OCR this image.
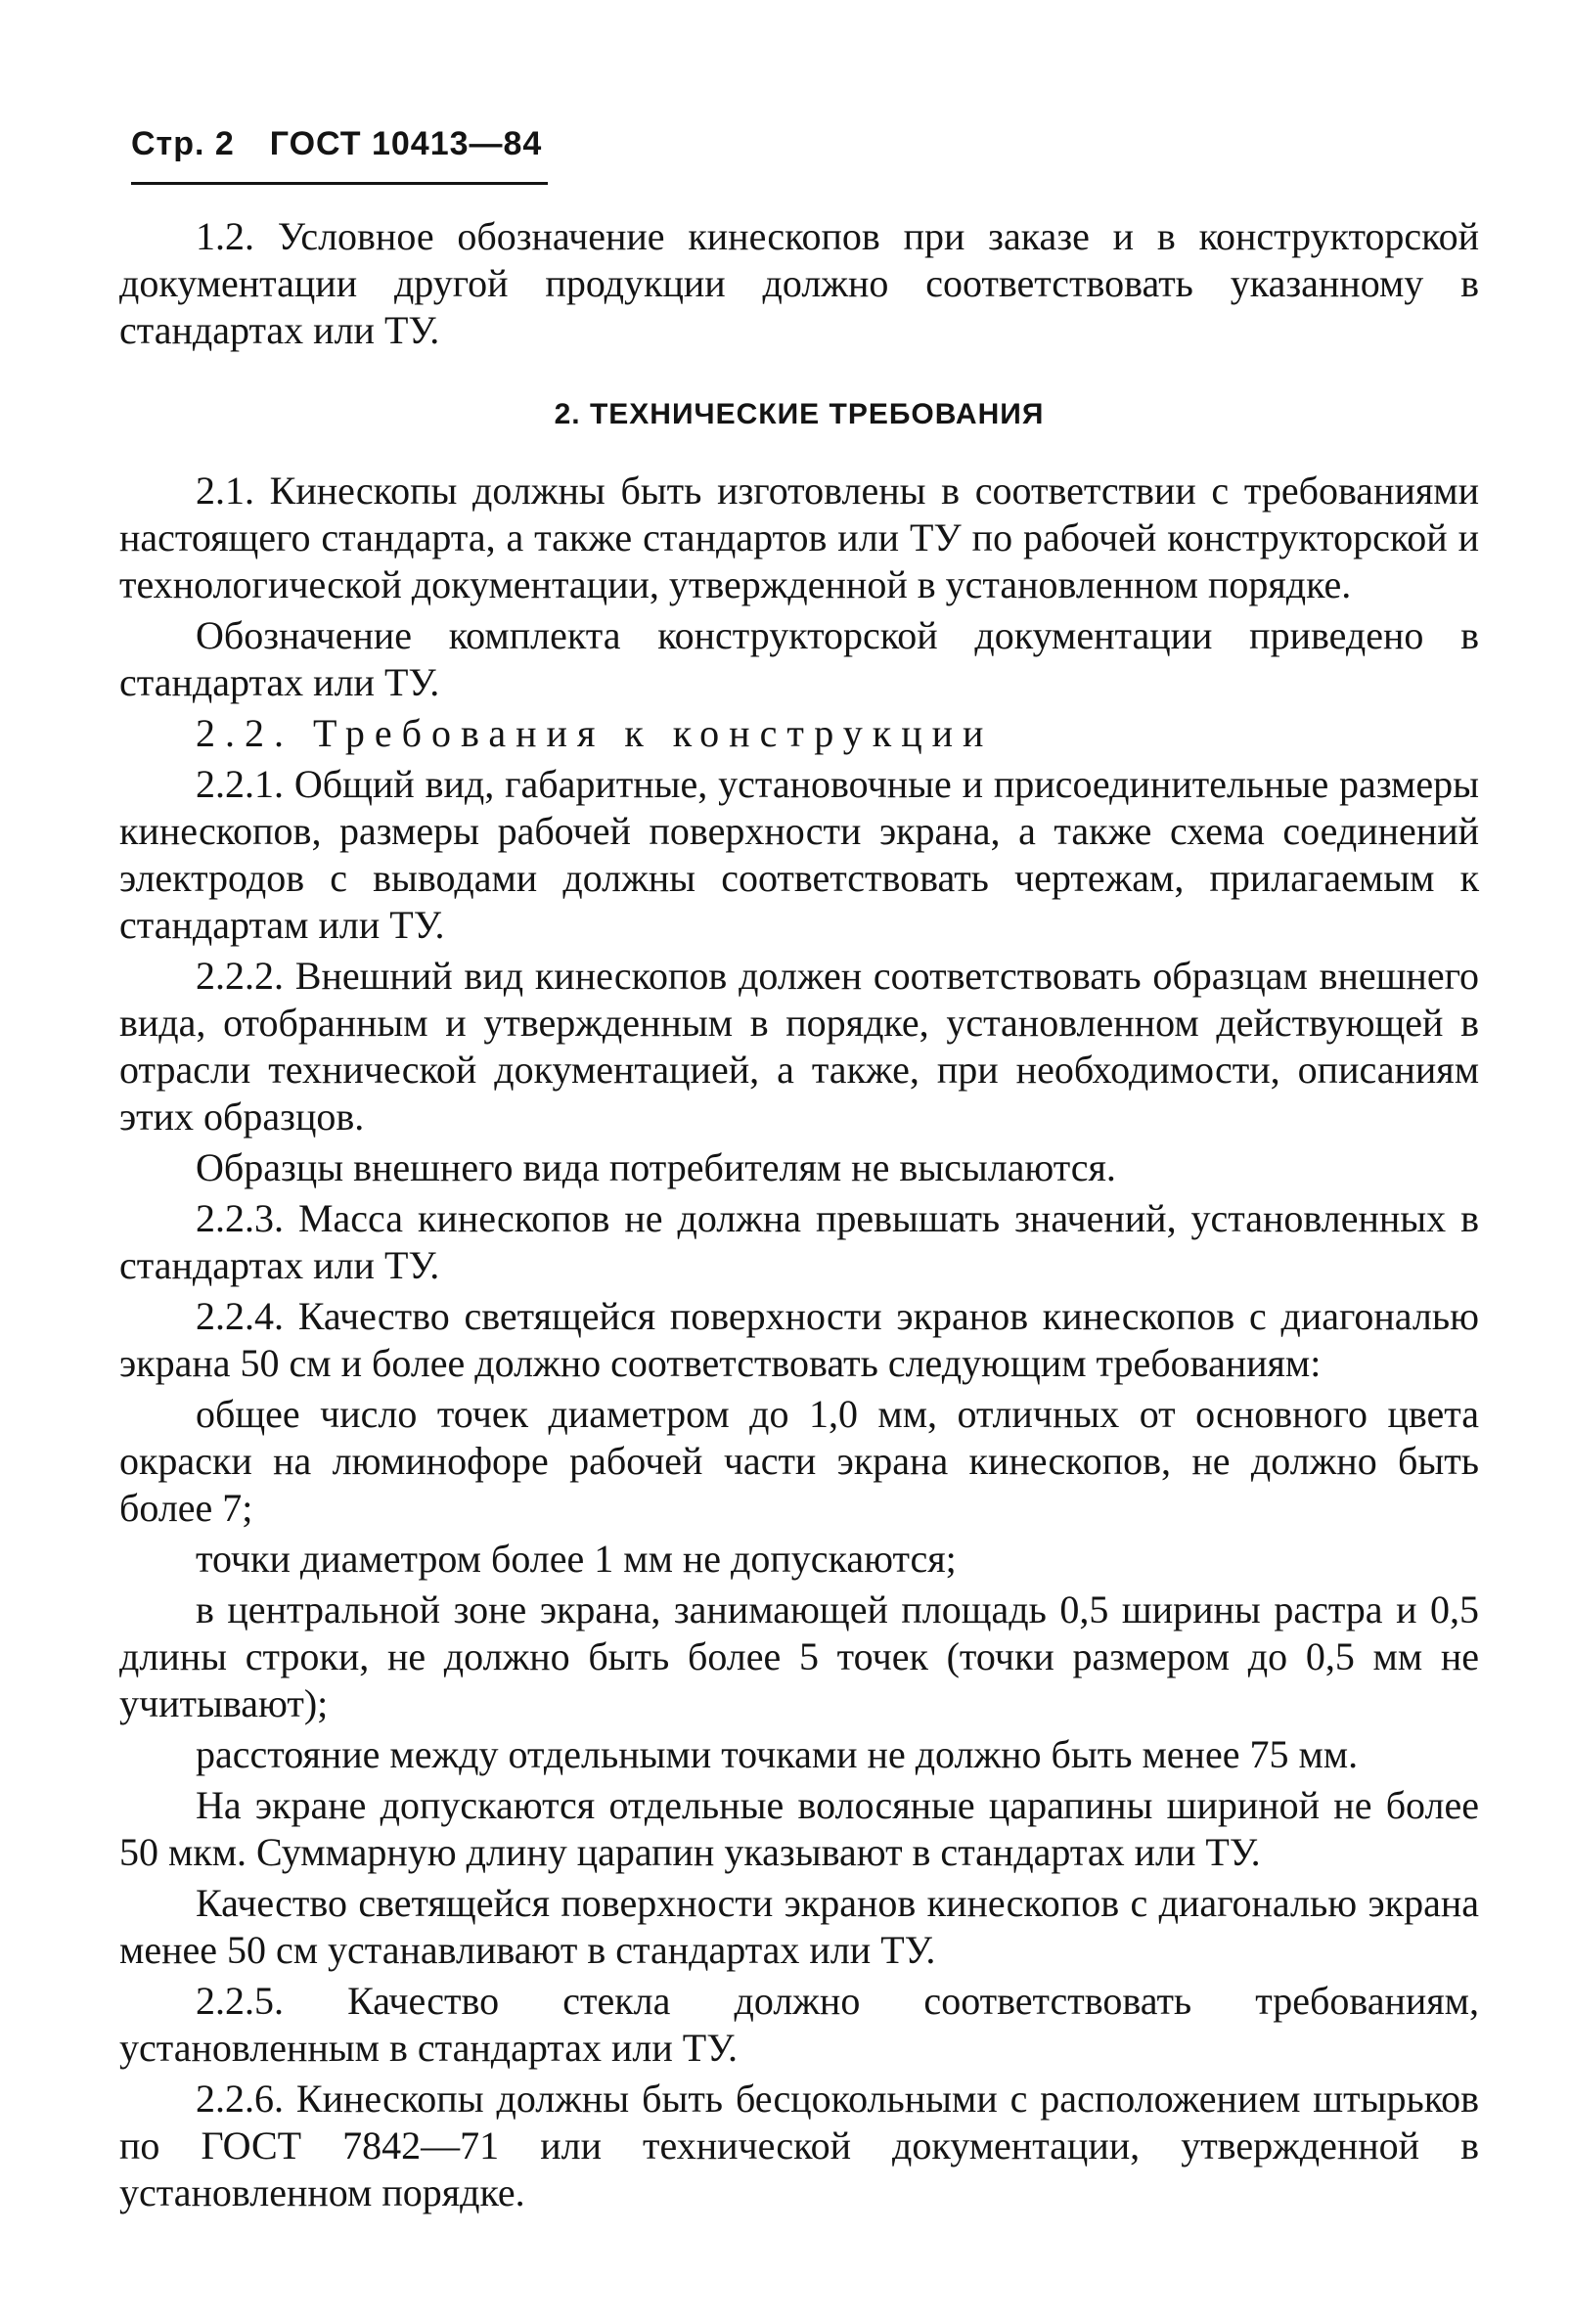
Стр. 2 ГОСТ 10413—84

1.2. Условное обозначение кинескопов при заказе и в конструкторской документации другой продукции должно соответствовать указанному в стандартах или ТУ.

2. ТЕХНИЧЕСКИЕ ТРЕБОВАНИЯ

2.1. Кинескопы должны быть изготовлены в соответствии с требованиями настоящего стандарта, а также стандартов или ТУ по рабочей конструкторской и технологической документации, утвержденной в установленном порядке.

Обозначение комплекта конструкторской документации приведено в стандартах или ТУ.

2.2. Требования к конструкции

2.2.1. Общий вид, габаритные, установочные и присоединительные размеры кинескопов, размеры рабочей поверхности экрана, а также схема соединений электродов с выводами должны соответствовать чертежам, прилагаемым к стандартам или ТУ.

2.2.2. Внешний вид кинескопов должен соответствовать образцам внешнего вида, отобранным и утвержденным в порядке, установленном действующей в отрасли технической документацией, а также, при необходимости, описаниям этих образцов.

Образцы внешнего вида потребителям не высылаются.

2.2.3. Масса кинескопов не должна превышать значений, установленных в стандартах или ТУ.

2.2.4. Качество светящейся поверхности экранов кинескопов с диагональю экрана 50 см и более должно соответствовать следующим требованиям:

общее число точек диаметром до 1,0 мм, отличных от основного цвета окраски на люминофоре рабочей части экрана кинескопов, не должно быть более 7;

точки диаметром более 1 мм не допускаются;

в центральной зоне экрана, занимающей площадь 0,5 ширины растра и 0,5 длины строки, не должно быть более 5 точек (точки размером до 0,5 мм не учитывают);

расстояние между отдельными точками не должно быть менее 75 мм.

На экране допускаются отдельные волосяные царапины шириной не более 50 мкм. Суммарную длину царапин указывают в стандартах или ТУ.

Качество светящейся поверхности экранов кинескопов с диагональю экрана менее 50 см устанавливают в стандартах или ТУ.

2.2.5. Качество стекла должно соответствовать требованиям, установленным в стандартах или ТУ.

2.2.6. Кинескопы должны быть бесцокольными с расположением штырьков по ГОСТ 7842—71 или технической документации, утвержденной в установленном порядке.
